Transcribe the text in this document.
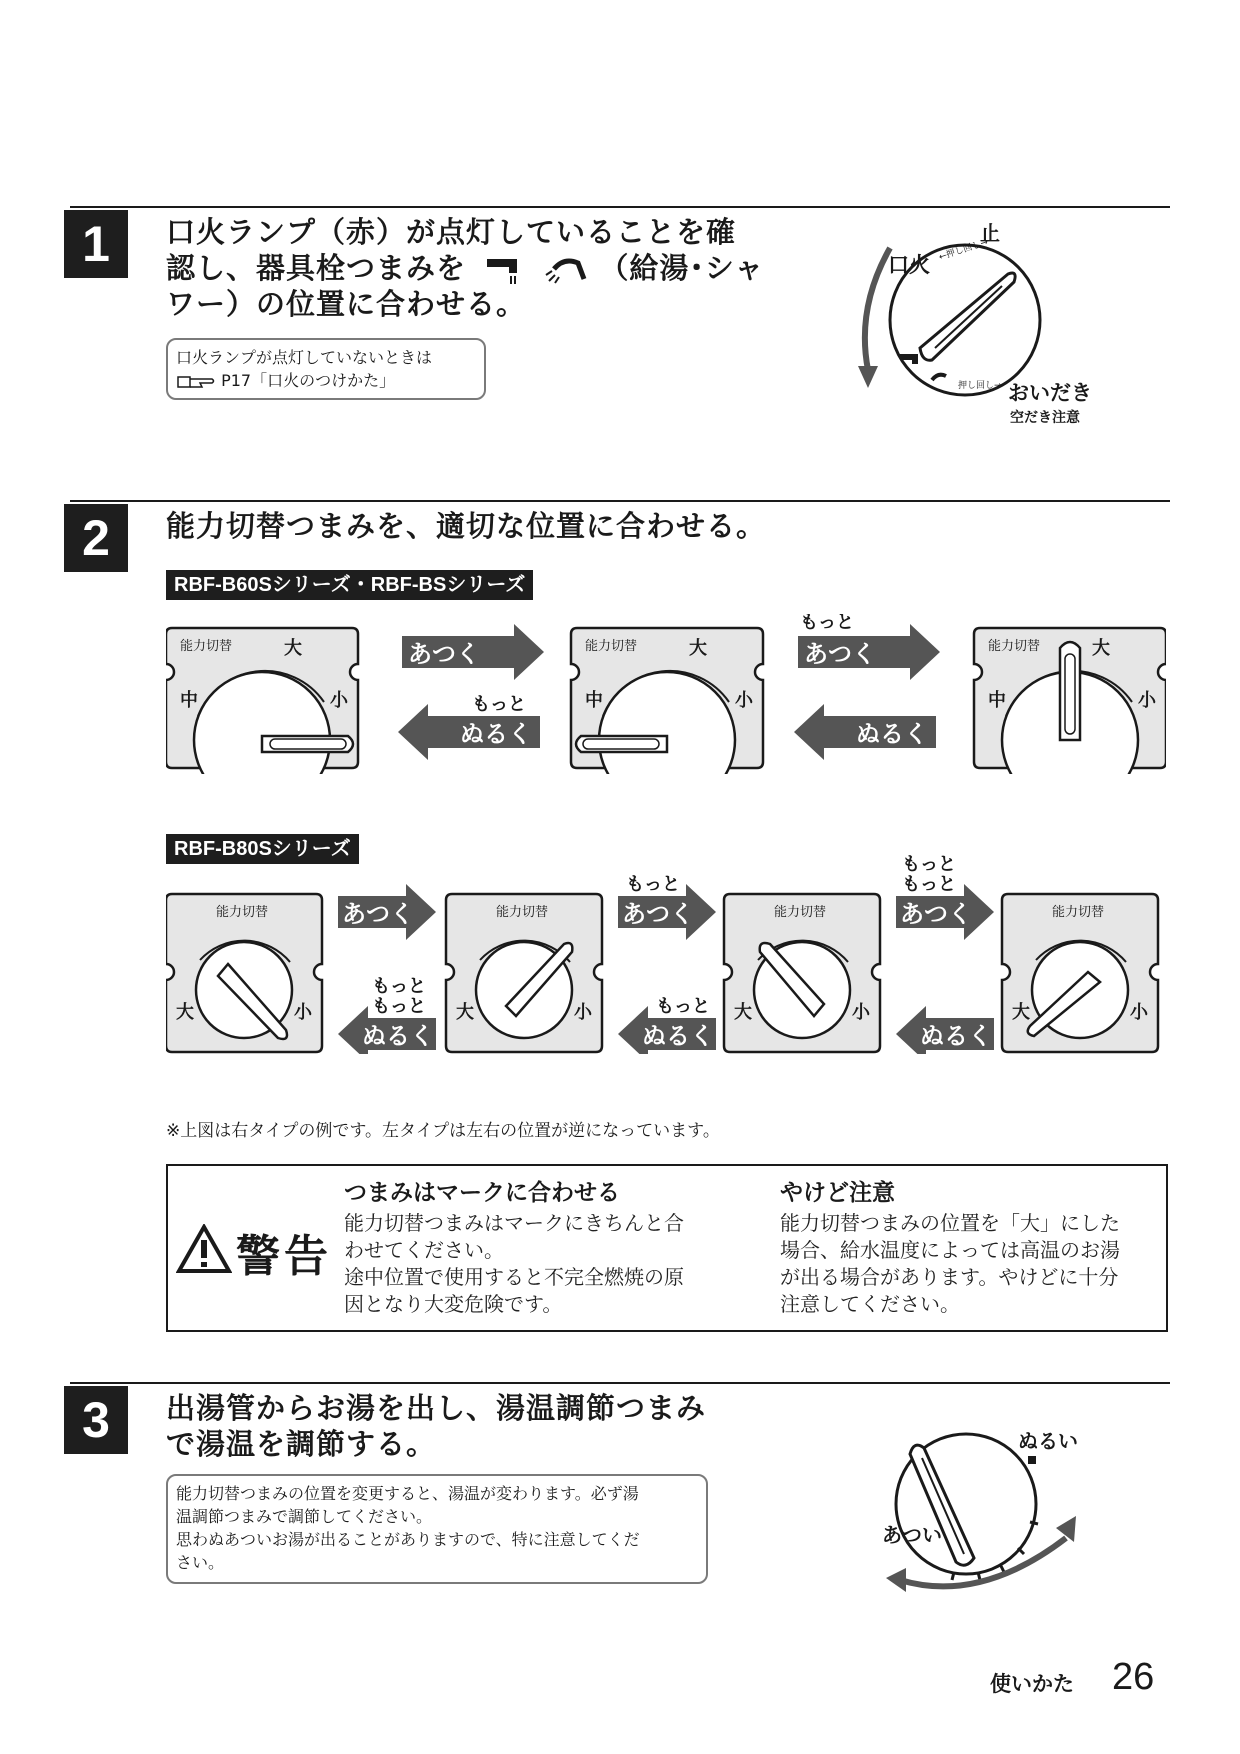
1	口火ランプ（赤）が点灯していることを確
認し、器具栓つまみを	（給湯･シャ
ワー）の位置に合わせる。
口火ランプが点灯していないときは
P17「口火のつけかた」
止
口火
←押し回し→
押し回し→ おいだき
空だき注意
2	能力切替つまみを、適切な位置に合わせる。
RBF-B60Sシリーズ・RBF-BSシリーズ
能力切替	大
中	小
能力切替	大
中	小
能力切替	大
中	小
あつく
もっと
ぬるく
もっと
あつく
ぬるく
RBF-B80Sシリーズ
能力切替
大	小
能力切替
大	小
能力切替
大	小
能力切替
大	小
あつく
もっと
もっと
ぬるく
もっと
あつく
もっと
ぬるく
もっと
もっと
あつく
ぬるく
※上図は右タイプの例です。左タイプは左右の位置が逆になっています。
警告
つまみはマークに合わせる
能力切替つまみはマークにきちんと合
わせてください。
途中位置で使用すると不完全燃焼の原
因となり大変危険です。
やけど注意
能力切替つまみの位置を「大」にした
場合、給水温度によっては高温のお湯
が出る場合があります。やけどに十分
注意してください。
3	出湯管からお湯を出し、湯温調節つまみ
で湯温を調節する。
能力切替つまみの位置を変更すると、湯温が変わります。必ず湯
温調節つまみで調節してください。
思わぬあついお湯が出ることがありますので、特に注意してくだ
さい。
ぬるい
あつい
使いかた 26
